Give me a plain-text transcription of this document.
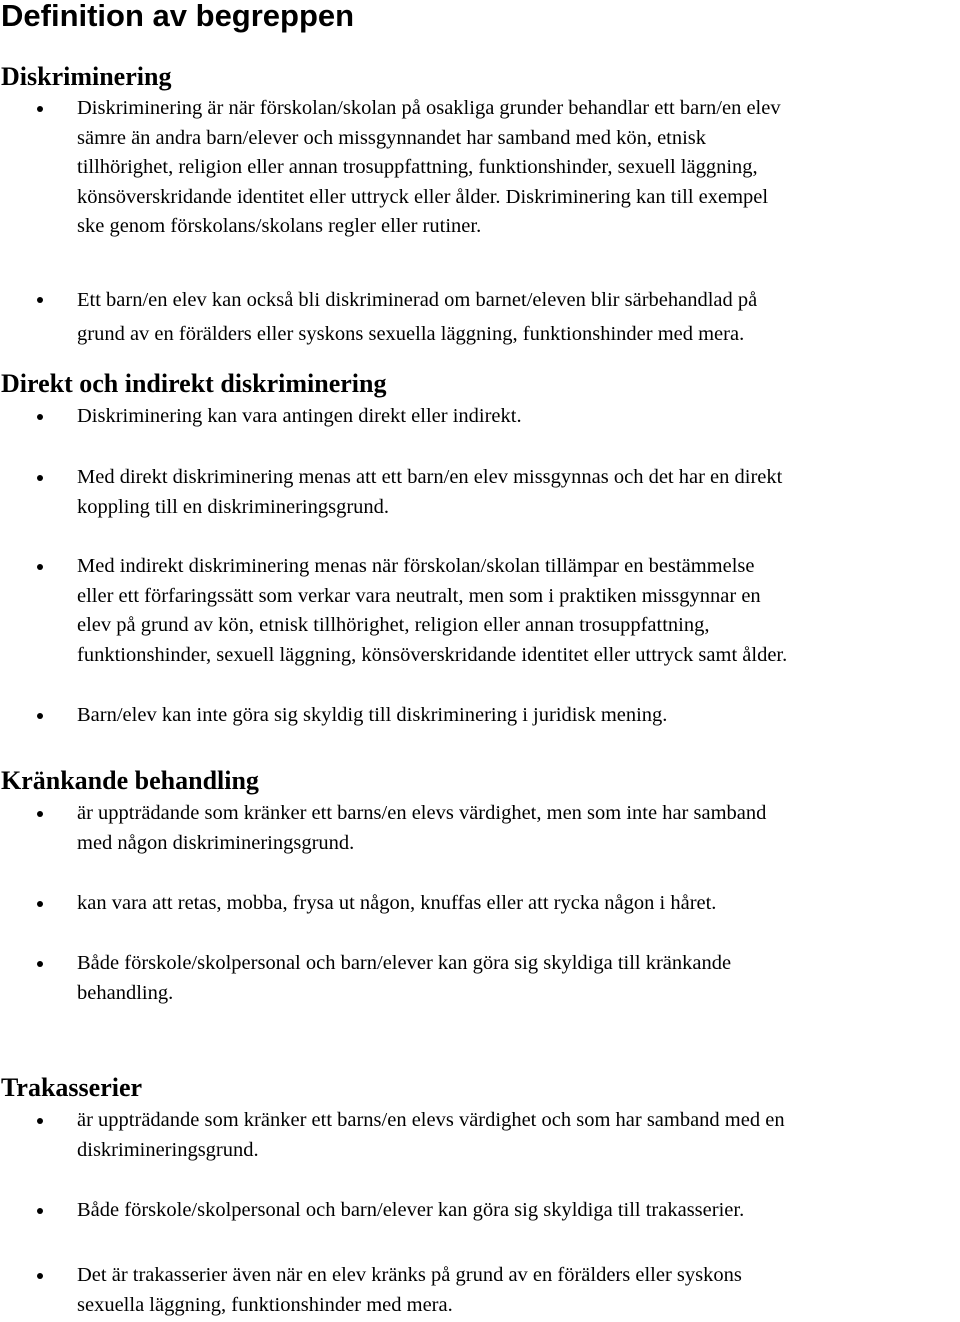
Definition av begreppen
Diskriminering

Diskriminering är när förskolan/skolan på osakliga grunder behandlar ett barn/en elev
sämre än andra barn/elever och missgynnandet har samband med kön, etnisk
tillhörighet, religion eller annan trosuppfattning, funktionshinder, sexuell läggning,
könsöverskridande identitet eller uttryck eller ålder. Diskriminering kan till exempel
ske genom förskolans/skolans regler eller rutiner.

Ett barn/en elev kan också bli diskriminerad om barnet/eleven blir särbehandlad på
grund av en förälders eller syskons sexuella läggning, funktionshinder med mera.

Direkt och indirekt diskriminering

Diskriminering kan vara antingen direkt eller indirekt.

Med direkt diskriminering menas att ett barn/en elev missgynnas och det har en direkt
koppling till en diskrimineringsgrund.

Med indirekt diskriminering menas när förskolan/skolan tillämpar en bestämmelse
eller ett förfaringssätt som verkar vara neutralt, men som i praktiken missgynnar en
elev på grund av kön, etnisk tillhörighet, religion eller annan trosuppfattning,
funktionshinder, sexuell läggning, könsöverskridande identitet eller uttryck samt ålder.

Barn/elev kan inte göra sig skyldig till diskriminering i juridisk mening.

Kränkande behandling

är uppträdande som kränker ett barns/en elevs värdighet, men som inte har samband
med någon diskrimineringsgrund.

kan vara att retas, mobba, frysa ut någon, knuffas eller att rycka någon i håret.

Både förskole/skolpersonal och barn/elever kan göra sig skyldiga till kränkande
behandling.

Trakasserier

är uppträdande som kränker ett barns/en elevs värdighet och som har samband med en
diskrimineringsgrund.

Både förskole/skolpersonal och barn/elever kan göra sig skyldiga till trakasserier.

Det är trakasserier även när en elev kränks på grund av en förälders eller syskons
sexuella läggning, funktionshinder med mera.
